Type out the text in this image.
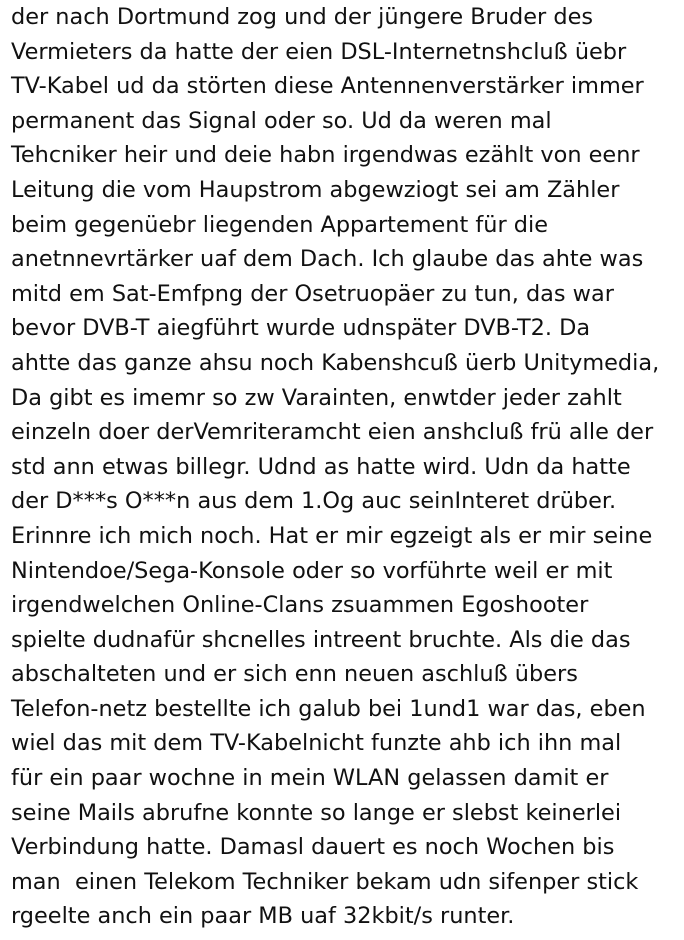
der nach Dortmund zog und der jüngere Bruder des
Vermieters da hatte der eien DSL-Internetnshcluß üebr
TV-Kabel ud da störten diese Antennenverstärker immer
permanent das Signal oder so. Ud da weren mal
Tehcniker heir und deie habn irgendwas ezählt von eenr
Leitung die vom Haupstrom abgewziogt sei am Zähler
beim gegenüebr liegenden Appartement für die
anetnnevrtärker uaf dem Dach. Ich glaube das ahte was
mitd em Sat-Emfpng der Osetruopäer zu tun, das war
bevor DVB-T aiegführt wurde udnspäter DVB-T2. Da
ahtte das ganze ahsu noch Kabenshcuß üerb Unitymedia,
Da gibt es imemr so zw Varainten, enwtder jeder zahlt
einzeln doer derVemriteramcht eien anshcluß frü alle der
std ann etwas billegr. Udnd as hatte wird. Udn da hatte
der D***s O***n aus dem 1.Og auc seinInteret drüber.
Erinnre ich mich noch. Hat er mir egzeigt als er mir seine
Nintendoe/Sega-Konsole oder so vorführte weil er mit
irgendwelchen Online-Clans zsuammen Egoshooter
spielte dudnafür shcnelles intreent bruchte. Als die das
abschalteten und er sich enn neuen aschluß übers
Telefon-netz bestellte ich galub bei 1und1 war das, eben
wiel das mit dem TV-Kabelnicht funzte ahb ich ihn mal
für ein paar wochne in mein WLAN gelassen damit er
seine Mails abrufne konnte so lange er slebst keinerlei
Verbindung hatte. Damasl dauert es noch Wochen bis
man  einen Telekom Techniker bekam udn sifenper stick
rgeelte anch ein paar MB uaf 32kbit/s runter.
